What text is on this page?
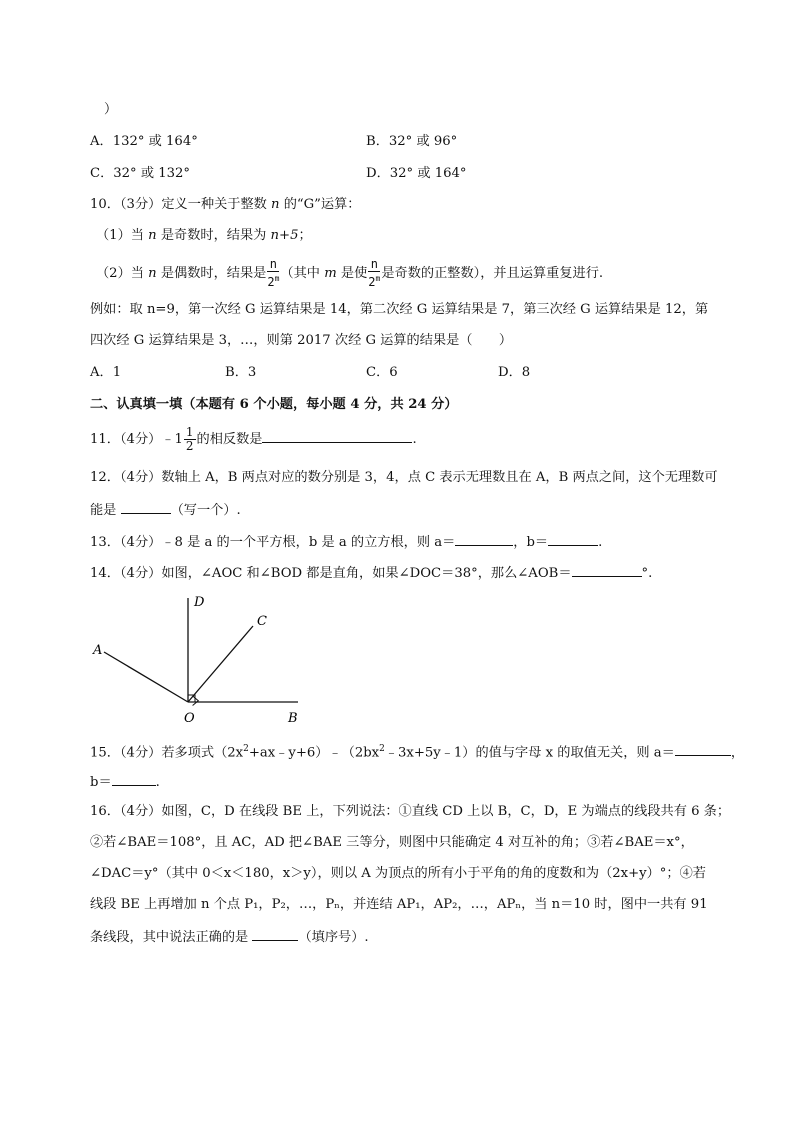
）
A．132° 或 164°	B．32° 或 96°
C．32° 或 132°	D．32° 或 164°
10．（3分）定义一种关于整数 n 的“G”运算：
（1）当 n 是奇数时，结果为 n+5；
（2）当 n 是偶数时，结果是 $\frac{n}{2^m}$ （其中 m 是使 $\frac{n}{2^m}$ 是奇数的正整数），并且运算重复进行.
例如：取 n=9，第一次经 G 运算结果是 14，第二次经 G 运算结果是 7，第三次经 G 运算结果是 12，第
四次经 G 运算结果是 3，…，则第 2017 次经 G 运算的结果是（　　）
A．1	B．3	C．6	D．8
二、认真填一填（本题有 6 个小题，每小题 4 分，共 24 分）
11．（4分）﹣1 $\frac{1}{2}$ 的相反数是	.
12．（4分）数轴上 A，B 两点对应的数分别是 3，4，点 C 表示无理数且在 A，B 两点之间，这个无理数可
能是	（写一个）.
13．（4分）﹣8 是 a 的一个平方根，b 是 a 的立方根，则 a＝	，b＝	.
14．（4分）如图，∠AOC 和∠BOD 都是直角，如果∠DOC＝38°，那么∠AOB＝	°.
D
C
A
O	B
15．（4分）若多项式$(2x^2+ax﹣y+6)﹣(2bx^2﹣3x+5y﹣1)$的值与字母 x 的取值无关，则 a＝	，
b＝	.
16．（4分）如图，C，D 在线段 BE 上，下列说法：①直线 CD 上以 B，C，D，E 为端点的线段共有 6 条；
②若∠BAE＝108°，且 AC，AD 把∠BAE 三等分，则图中只能确定 4 对互补的角；③若∠BAE＝x°，
∠DAC＝y°（其中 0＜x＜180，x＞y），则以 A 为顶点的所有小于平角的角的度数和为（2x+y）°；④若
线段 BE 上再增加 n 个点 P₁，P₂，…，Pₙ，并连结 AP₁，AP₂，…，APₙ，当 n＝10 时，图中一共有 91
条线段，其中说法正确的是	（填序号）.
